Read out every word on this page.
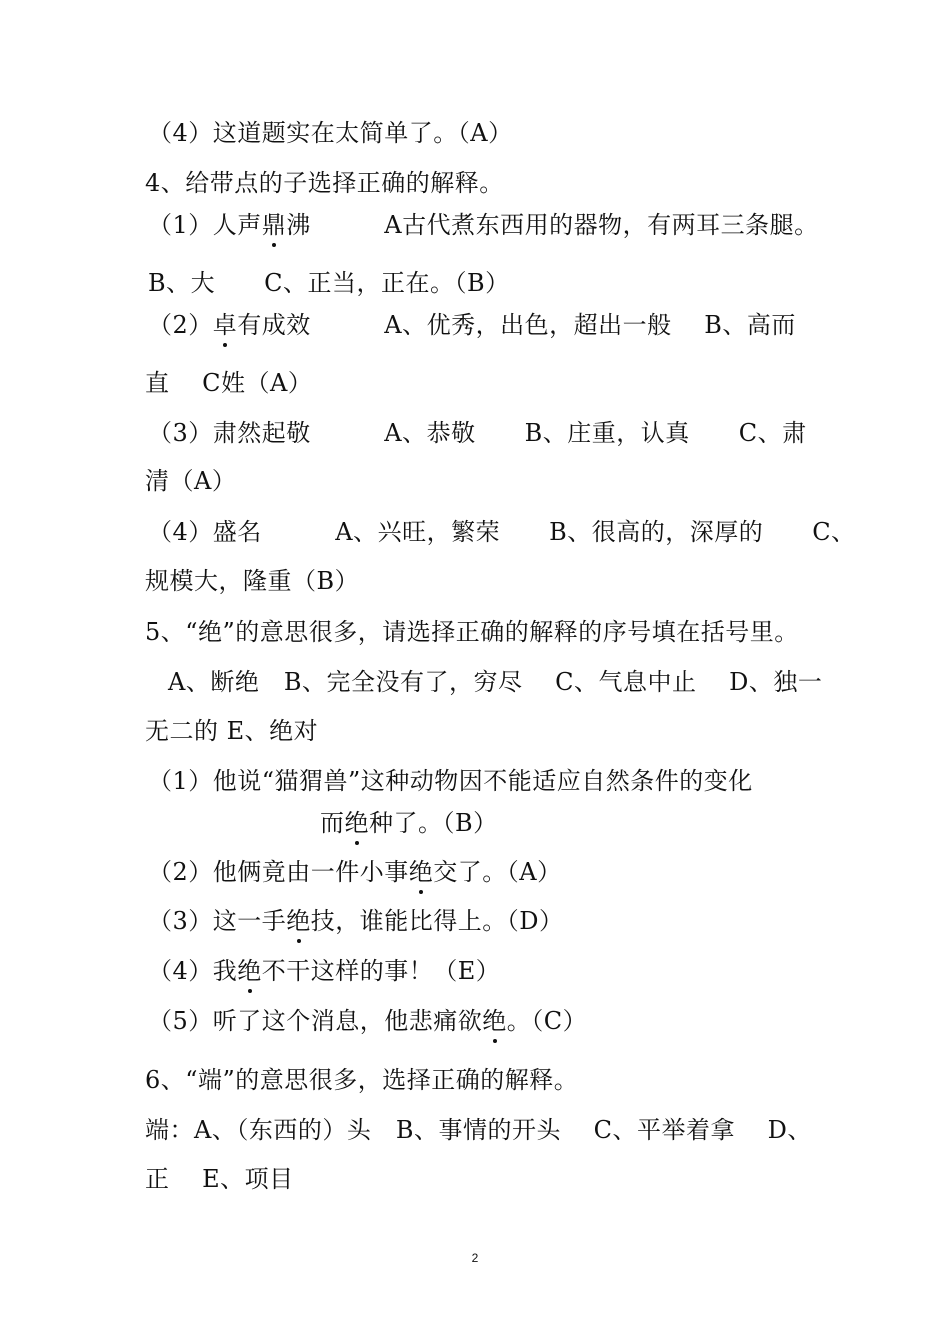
（4）这道题实在太简单了。（A）
4、给带点的子选择正确的解释。
（1）人声鼎沸　　　A古代煮东西用的器物，有两耳三条腿。
B、大　　C、正当，正在。（B）
（2）卓有成效　　　A、优秀，出色，超出一般　 B、高而
直　 C姓（A）
（3）肃然起敬　　　A、恭敬　　B、庄重，认真　　C、肃
清（A）
（4）盛名　　　A、兴旺，繁荣　　B、很高的，深厚的　　C、
规模大，隆重（B）
5、“绝”的意思很多，请选择正确的解释的序号填在括号里。
A、断绝　B、完全没有了，穷尽　 C、气息中止　 D、独一
无二的 E、绝对
（1）他说“猫猬兽”这种动物因不能适应自然条件的变化
而绝种了。（B）
（2）他俩竟由一件小事绝交了。（A）
（3）这一手绝技，谁能比得上。（D）
（4）我绝不干这样的事！（E）
（5）听了这个消息，他悲痛欲绝。（C）
6、“端”的意思很多，选择正确的解释。
端：A、（东西的）头　B、事情的开头　 C、平举着拿　 D、
正　 E、项目
2
